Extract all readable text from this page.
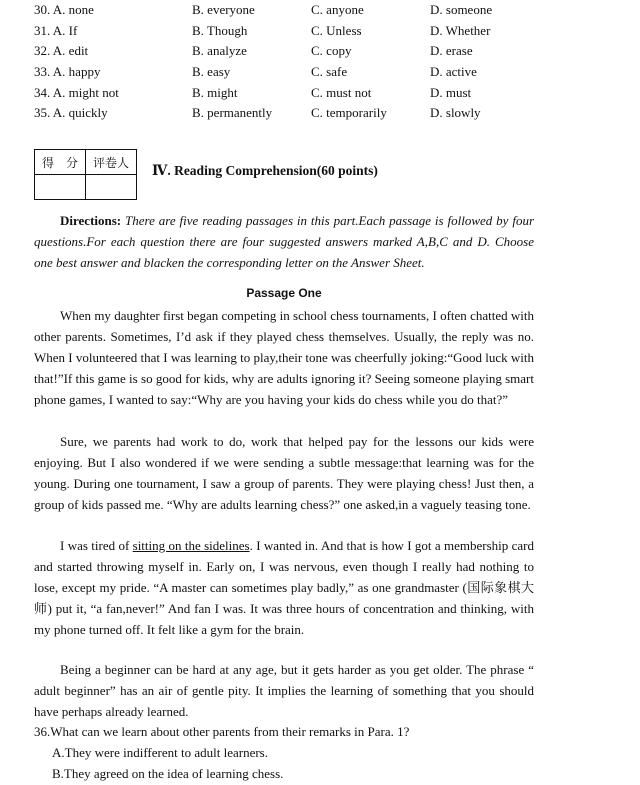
30. A. none	B. everyone	C. anyone	D. someone
31. A. If	B. Though	C. Unless	D. Whether
32. A. edit	B. analyze	C. copy	D. erase
33. A. happy	B. easy	C. safe	D. active
34. A. might not	B. might	C. must not	D. must
35. A. quickly	B. permanently	C. temporarily	D. slowly
得　分	评卷人

Ⅳ. Reading Comprehension(60 points)
Directions: There are five reading passages in this part.Each passage is followed by four questions.For each question there are four suggested answers marked A,B,C and D. Choose one best answer and blacken the corresponding letter on the Answer Sheet.
Passage One
When my daughter first began competing in school chess tournaments, I often chatted with other parents. Sometimes, I’d ask if they played chess themselves. Usually, the reply was no. When I volunteered that I was learning to play,their tone was cheerfully joking:“Good luck with that!”If this game is so good for kids, why are adults ignoring it? Seeing someone playing smart phone games, I wanted to say:“Why are you having your kids do chess while you do that?”
Sure, we parents had work to do, work that helped pay for the lessons our kids were enjoying. But I also wondered if we were sending a subtle message:that learning was for the young. During one tournament, I saw a group of parents. They were playing chess! Just then, a group of kids passed me. “Why are adults learning chess?” one asked,in a vaguely teasing tone.
I was tired of sitting on the sidelines. I wanted in. And that is how I got a membership card and started throwing myself in. Early on, I was nervous, even though I really had nothing to lose, except my pride. “A master can sometimes play badly,” as one grandmaster (国际象棋大师) put it, “a fan,never!” And fan I was. It was three hours of concentration and thinking, with my phone turned off. It felt like a gym for the brain.
Being a beginner can be hard at any age, but it gets harder as you get older. The phrase “ adult beginner” has an air of gentle pity. It implies the learning of something that you should have perhaps already learned.
36.What can we learn about other parents from their remarks in Para. 1?
A.They were indifferent to adult learners.
B.They agreed on the idea of learning chess.
